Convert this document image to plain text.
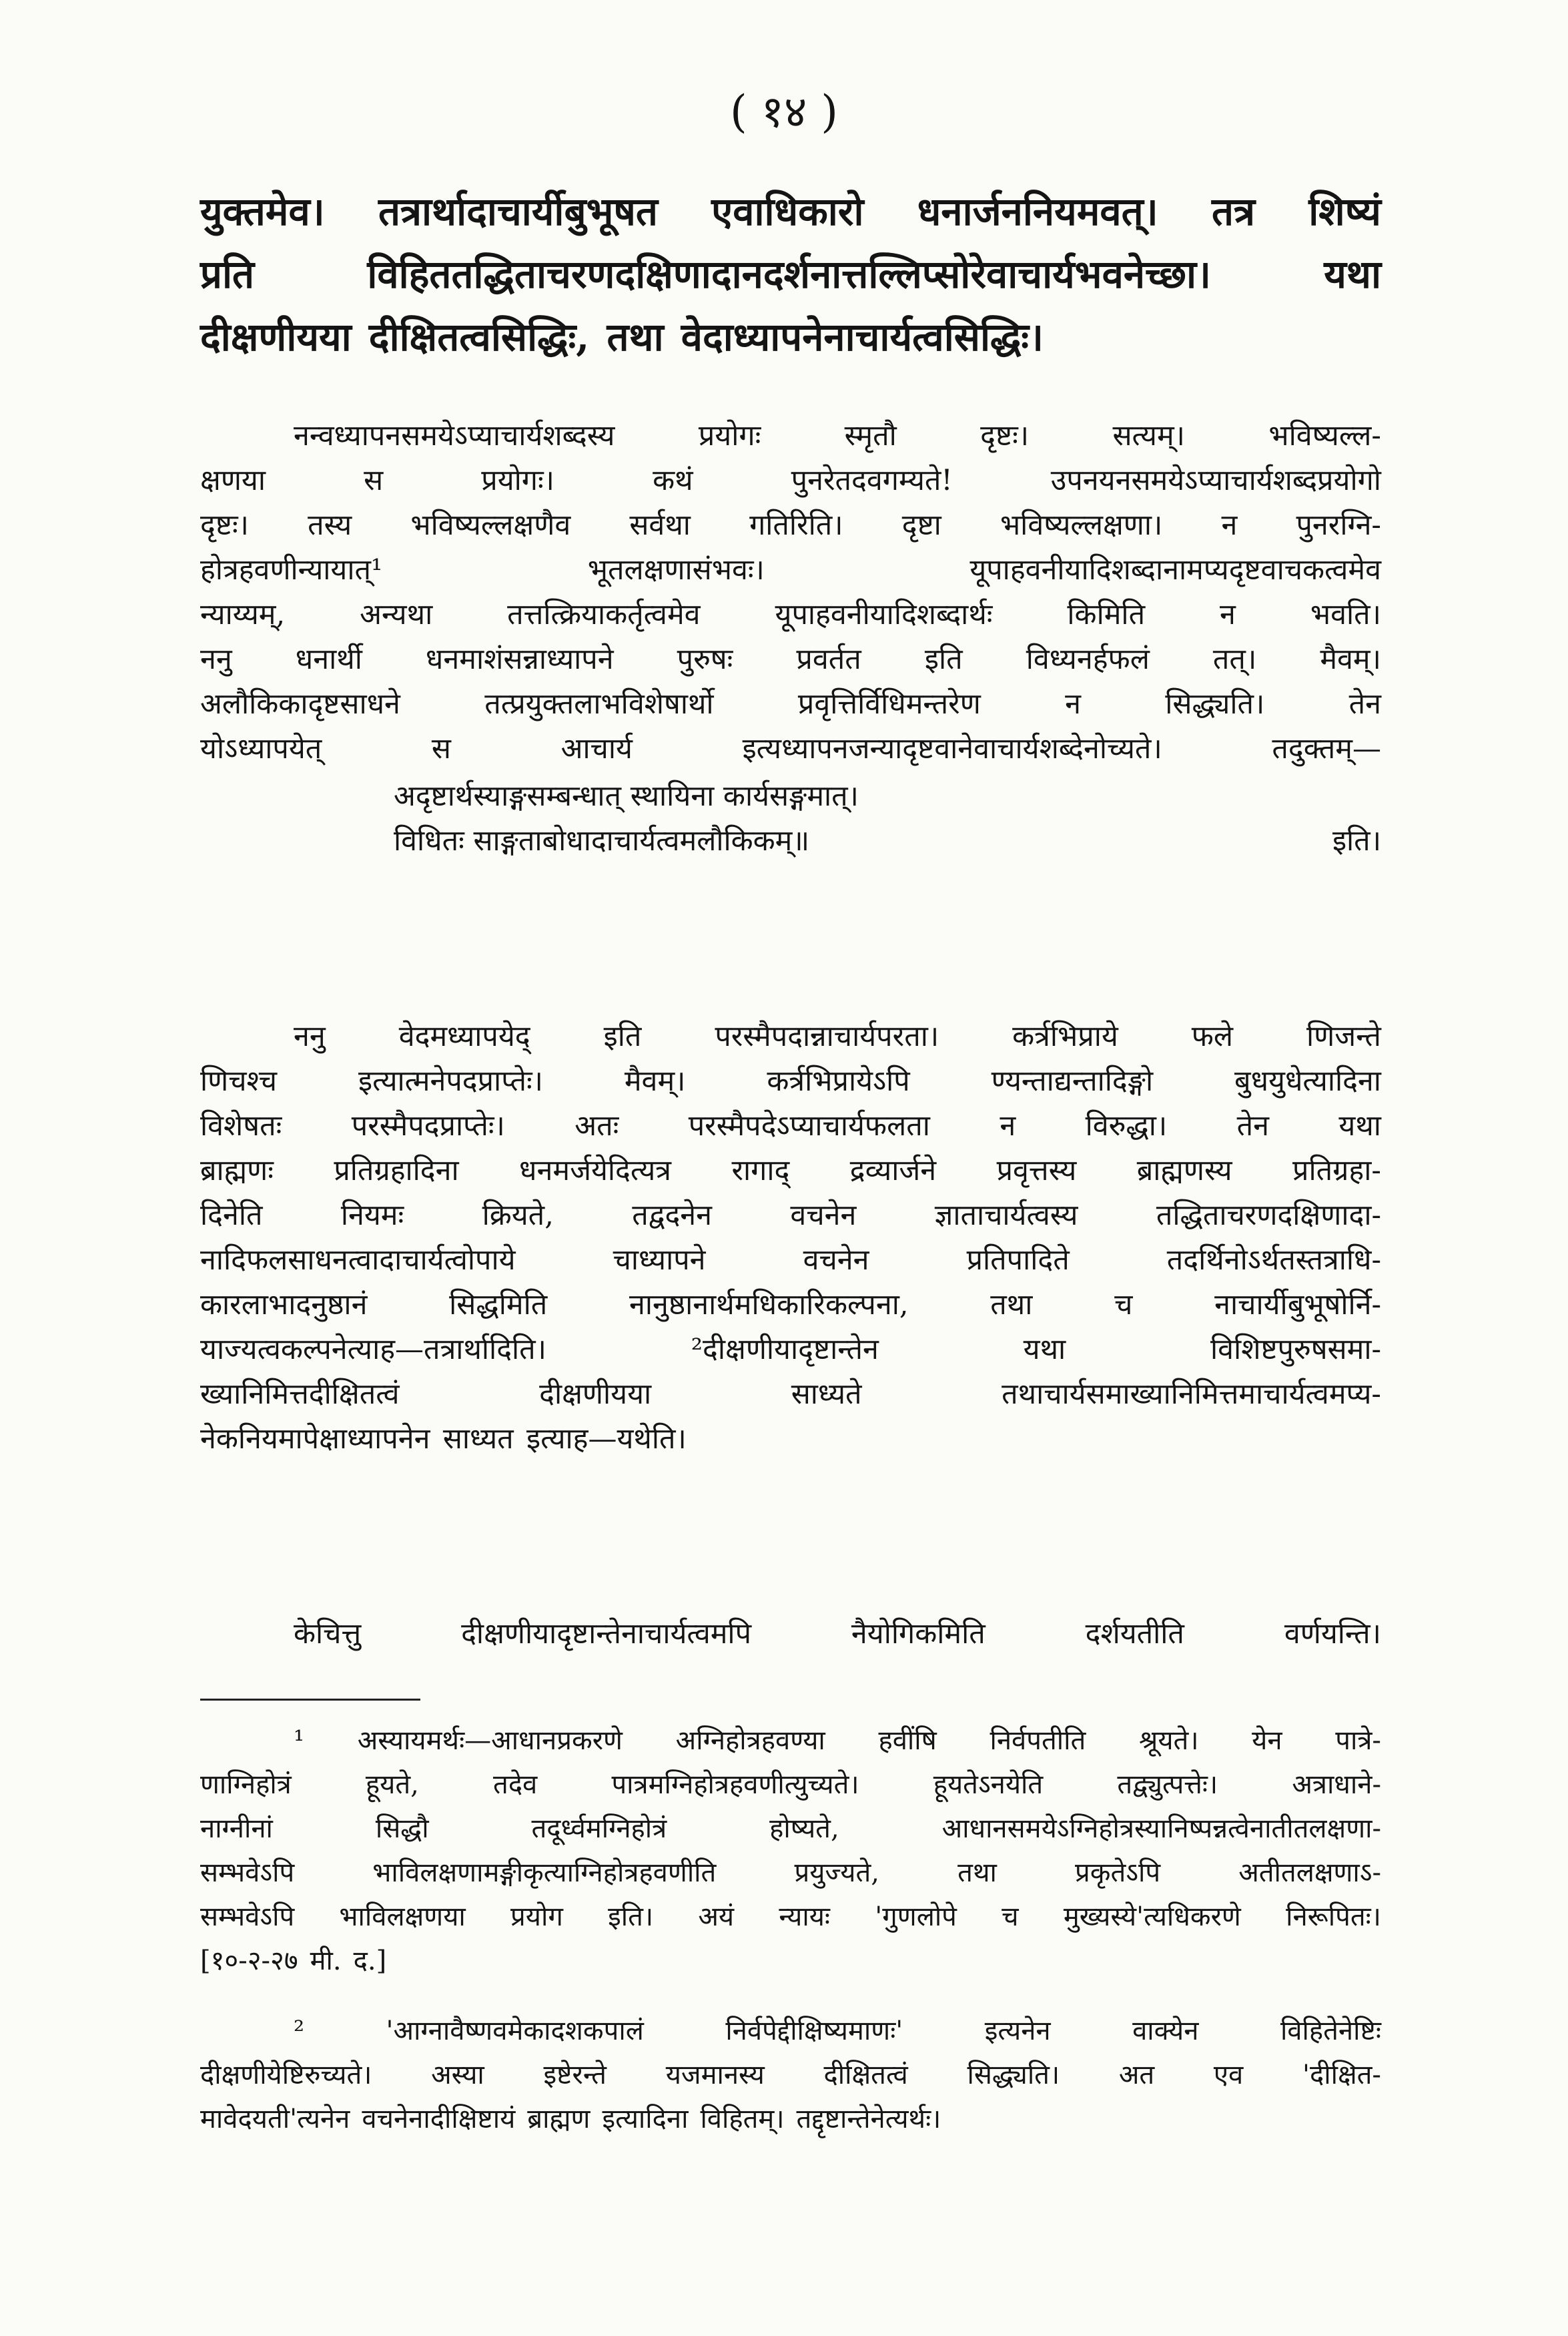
( १४ )
युक्तमेव। तत्रार्थादाचार्यीबुभूषत एवाधिकारो धनार्जननियमवत्। तत्र शिष्यं
प्रति	विहिततद्धिताचरणदक्षिणादानदर्शनात्तल्लिप्सोरेवाचार्यभवनेच्छा।	यथा
दीक्षणीयया दीक्षितत्वसिद्धिः, तथा वेदाध्यापनेनाचार्यत्वसिद्धिः।
नन्वध्यापनसमयेऽप्याचार्यशब्दस्य	प्रयोगः	स्मृतौ	दृष्टः।	सत्यम्।	भविष्यल्ल-
क्षणया	स	प्रयोगः।	कथं	पुनरेतदवगम्यते!	उपनयनसमयेऽप्याचार्यशब्दप्रयोगो
दृष्टः। तस्य भविष्यल्लक्षणैव सर्वथा गतिरिति। दृष्टा भविष्यल्लक्षणा। न पुनरग्नि-
होत्रहवणीन्यायात्¹	भूतलक्षणासंभवः।	यूपाहवनीयादिशब्दानामप्यदृष्टवाचकत्वमेव
न्याय्यम्,	अन्यथा	तत्तत्क्रियाकर्तृत्वमेव	यूपाहवनीयादिशब्दार्थः	किमिति	न	भवति।
ननु धनार्थी धनमाशंसन्नाध्यापने पुरुषः प्रवर्तत इति विध्यनर्हफलं तत्। मैवम्।
अलौकिकादृष्टसाधने	तत्प्रयुक्तलाभविशेषार्थो	प्रवृत्तिर्विधिमन्तरेण	न	सिद्ध्यति।	तेन
योऽध्यापयेत्	स	आचार्य	इत्यध्यापनजन्यादृष्टवानेवाचार्यशब्देनोच्यते।	तदुक्तम्—
अदृष्टार्थस्याङ्गसम्बन्धात् स्थायिना कार्यसङ्गमात्।
विधितः साङ्गताबोधादाचार्यत्वमलौकिकम्॥	इति।
ननु	वेदमध्यापयेद्	इति	परस्मैपदान्नाचार्यपरता।	कर्त्रभिप्राये	फले	णिजन्ते
णिचश्च	इत्यात्मनेपदप्राप्तेः।	मैवम्।	कर्त्रभिप्रायेऽपि	ण्यन्ताद्यन्तादिङ्गो	बुधयुधेत्यादिना
विशेषतः परस्मैपदप्राप्तेः। अतः परस्मैपदेऽप्याचार्यफलता न विरुद्धा। तेन यथा
ब्राह्मणः प्रतिग्रहादिना धनमर्जयेदित्यत्र रागाद् द्रव्यार्जने प्रवृत्तस्य ब्राह्मणस्य प्रतिग्रहा-
दिनेति	नियमः	क्रियते,	तद्वदनेन	वचनेन	ज्ञाताचार्यत्वस्य	तद्धिताचरणदक्षिणादा-
नादिफलसाधनत्वादाचार्यत्वोपाये	चाध्यापने	वचनेन	प्रतिपादिते	तदर्थिनोऽर्थतस्तत्राधि-
कारलाभादनुष्ठानं	सिद्धमिति	नानुष्ठानार्थमधिकारिकल्पना,	तथा	च	नाचार्यीबुभूषोर्नि-
याज्यत्वकल्पनेत्याह—तत्रार्थादिति।	²दीक्षणीयादृष्टान्तेन	यथा	विशिष्टपुरुषसमा-
ख्यानिमित्तदीक्षितत्वं	दीक्षणीयया	साध्यते	तथाचार्यसमाख्यानिमित्तमाचार्यत्वमप्य-
नेकनियमापेक्षाध्यापनेन साध्यत इत्याह—यथेति।
केचित्तु	दीक्षणीयादृष्टान्तेनाचार्यत्वमपि	नैयोगिकमिति	दर्शयतीति	वर्णयन्ति।
¹ अस्यायमर्थः—आधानप्रकरणे अग्निहोत्रहवण्या हवींषि निर्वपतीति श्रूयते। येन पात्रे-
णाग्निहोत्रं	हूयते,	तदेव	पात्रमग्निहोत्रहवणीत्युच्यते।	हूयतेऽनयेति	तद्व्युत्पत्तेः।	अत्राधाने-
नाग्नीनां	सिद्धौ	तदूर्ध्वमग्निहोत्रं	होष्यते,	आधानसमयेऽग्निहोत्रस्यानिष्पन्नत्वेनातीतलक्षणा-
सम्भवेऽपि	भाविलक्षणामङ्गीकृत्याग्निहोत्रहवणीति	प्रयुज्यते,	तथा	प्रकृतेऽपि	अतीतलक्षणाऽ-
सम्भवेऽपि भाविलक्षणया प्रयोग इति। अयं न्यायः 'गुणलोपे च मुख्यस्ये'त्यधिकरणे निरूपितः।
[१०-२-२७ मी. द.]
²	'आग्नावैष्णवमेकादशकपालं	निर्वपेद्दीक्षिष्यमाणः'	इत्यनेन	वाक्येन	विहितेनेष्टिः
दीक्षणीयेष्टिरुच्यते। अस्या इष्टेरन्ते यजमानस्य दीक्षितत्वं सिद्ध्यति। अत एव 'दीक्षित-
मावेदयती'त्यनेन वचनेनादीक्षिष्टायं ब्राह्मण इत्यादिना विहितम्। तद्दृष्टान्तेनेत्यर्थः।
